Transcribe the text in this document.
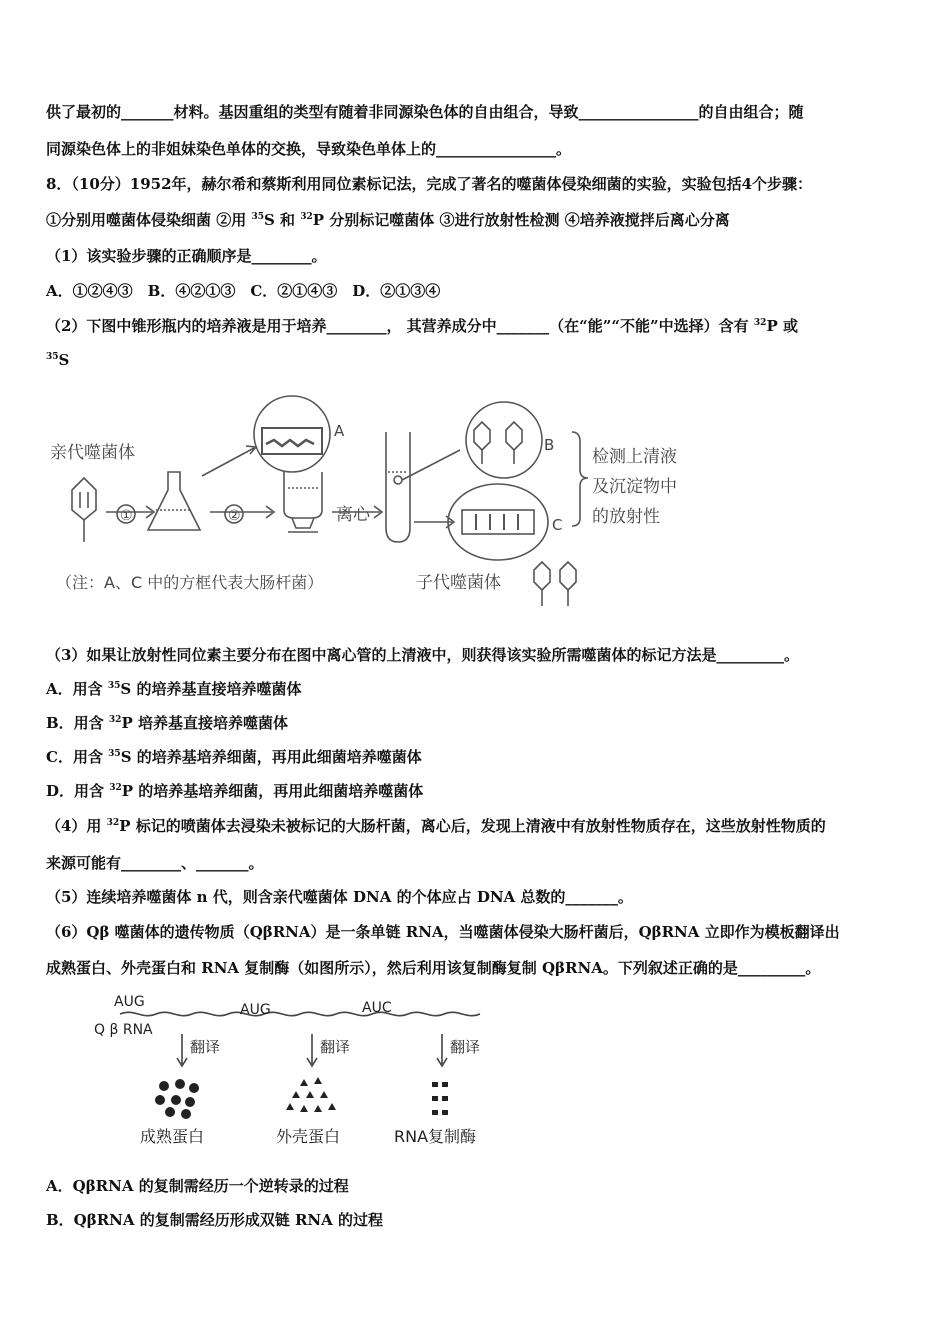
供了最初的_______材料。基因重组的类型有随着非同源染色体的自由组合，导致________________的自由组合；随
同源染色体上的非姐妹染色单体的交换，导致染色单体上的________________。
8．（10分）1952年，赫尔希和蔡斯利用同位素标记法，完成了著名的噬菌体侵染细菌的实验，实验包括4个步骤：
①分别用噬菌体侵染细菌 ②用 $^{35}$S 和 $^{32}$P 分别标记噬菌体 ③进行放射性检测 ④培养液搅拌后离心分离
（1）该实验步骤的正确顺序是________。
A．①②④③　B．④②①③　C．②①④③　D．②①③④
（2）下图中锥形瓶内的培养液是用于培养________， 其营养成分中_______（在“能”“不能”中选择）含有 $^{32}$P 或
$^{35}$S
亲代噬菌体
①	②
A
离心
B
C
检测上清液
及沉淀物中
的放射性
子代噬菌体
（注：A、C 中的方框代表大肠杆菌）
（3）如果让放射性同位素主要分布在图中离心管的上清液中，则获得该实验所需噬菌体的标记方法是_________。
A．用含 $^{35}$S 的培养基直接培养噬菌体
B．用含 $^{32}$P 培养基直接培养噬菌体
C．用含 $^{35}$S 的培养基培养细菌，再用此细菌培养噬菌体
D．用含 $^{32}$P 的培养基培养细菌，再用此细菌培养噬菌体
（4）用 $^{32}$P 标记的喷菌体去浸染未被标记的大肠杆菌，离心后，发现上清液中有放射性物质存在，这些放射性物质的
来源可能有________、_______。
（5）连续培养噬菌体 n 代，则含亲代噬菌体 DNA 的个体应占 DNA 总数的_______。
（6）Qβ 噬菌体的遗传物质（QβRNA）是一条单链 RNA，当噬菌体侵染大肠杆菌后，QβRNA 立即作为模板翻译出
成熟蛋白、外壳蛋白和 RNA 复制酶（如图所示），然后利用该复制酶复制 QβRNA。下列叙述正确的是_________。
AUG	AUG	AUC
Q β RNA
翻译	翻译	翻译
成熟蛋白	外壳蛋白	RNA复制酶
A．QβRNA 的复制需经历一个逆转录的过程
B．QβRNA 的复制需经历形成双链 RNA 的过程
